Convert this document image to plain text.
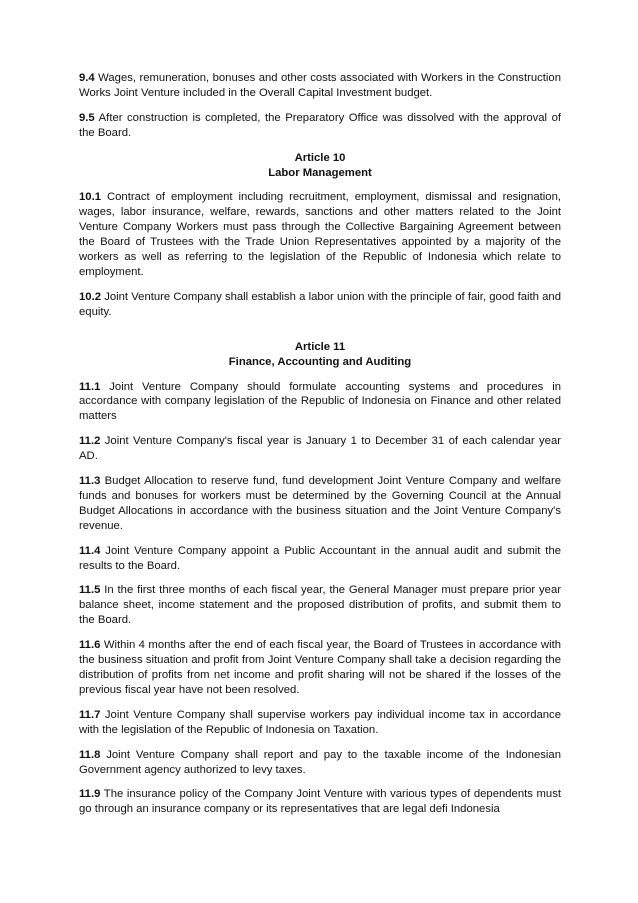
9.4 Wages, remuneration, bonuses and other costs associated with Workers in the Construction Works Joint Venture included in the Overall Capital Investment budget.

9.5 After construction is completed, the Preparatory Office was dissolved with the approval of the Board.

Article 10
Labor Management

10.1 Contract of employment including recruitment, employment, dismissal and resignation, wages, labor insurance, welfare, rewards, sanctions and other matters related to the Joint Venture Company Workers must pass through the Collective Bargaining Agreement between the Board of Trustees with the Trade Union Representatives appointed by a majority of the workers as well as referring to the legislation of the Republic of Indonesia which relate to employment.

10.2 Joint Venture Company shall establish a labor union with the principle of fair, good faith and equity.

Article 11
Finance, Accounting and Auditing

11.1 Joint Venture Company should formulate accounting systems and procedures in accordance with company legislation of the Republic of Indonesia on Finance and other related matters

11.2 Joint Venture Company's fiscal year is January 1 to December 31 of each calendar year AD.

11.3 Budget Allocation to reserve fund, fund development Joint Venture Company and welfare funds and bonuses for workers must be determined by the Governing Council at the Annual Budget Allocations in accordance with the business situation and the Joint Venture Company's revenue.

11.4 Joint Venture Company appoint a Public Accountant in the annual audit and submit the results to the Board.

11.5 In the first three months of each fiscal year, the General Manager must prepare prior year balance sheet, income statement and the proposed distribution of profits, and submit them to the Board.

11.6 Within 4 months after the end of each fiscal year, the Board of Trustees in accordance with the business situation and profit from Joint Venture Company shall take a decision regarding the distribution of profits from net income and profit sharing will not be shared if the losses of the previous fiscal year have not been resolved.

11.7 Joint Venture Company shall supervise workers pay individual income tax in accordance with the legislation of the Republic of Indonesia on Taxation.

11.8 Joint Venture Company shall report and pay to the taxable income of the Indonesian Government agency authorized to levy taxes.

11.9 The insurance policy of the Company Joint Venture with various types of dependents must go through an insurance company or its representatives that are legal defi Indonesia
